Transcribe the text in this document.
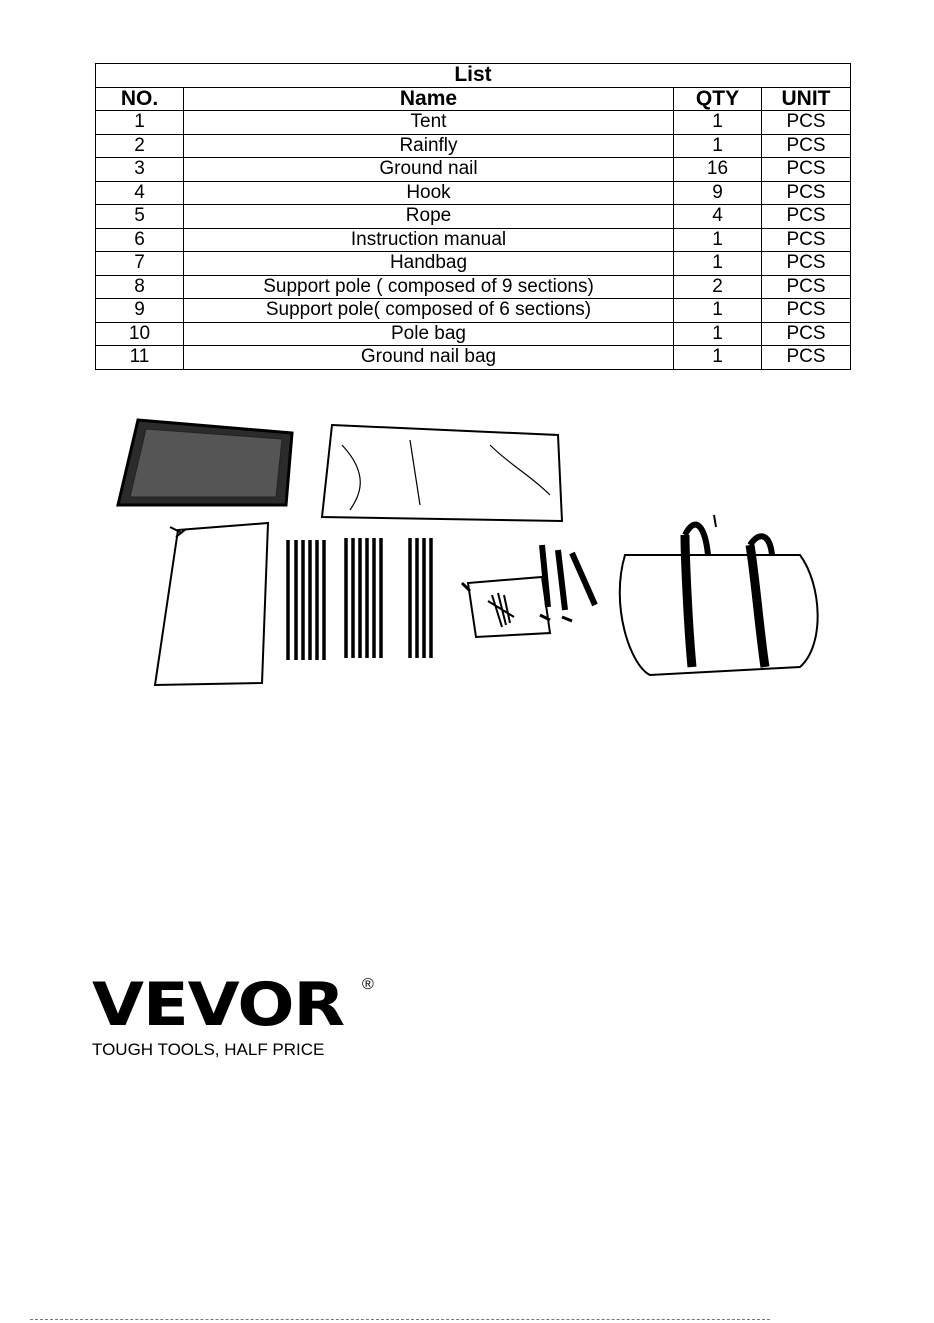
List			
NO.	Name	QTY	UNIT
1	Tent	1	PCS
2	Rainfly	1	PCS
3	Ground nail	16	PCS
4	Hook	9	PCS
5	Rope	4	PCS
6	Instruction manual	1	PCS
7	Handbag	1	PCS
8	Support pole ( composed of 9 sections)	2	PCS
9	Support pole( composed of 6 sections)	1	PCS
10	Pole bag	1	PCS
11	Ground nail bag	1	PCS
VEVOR ®
TOUGH TOOLS, HALF PRICE
